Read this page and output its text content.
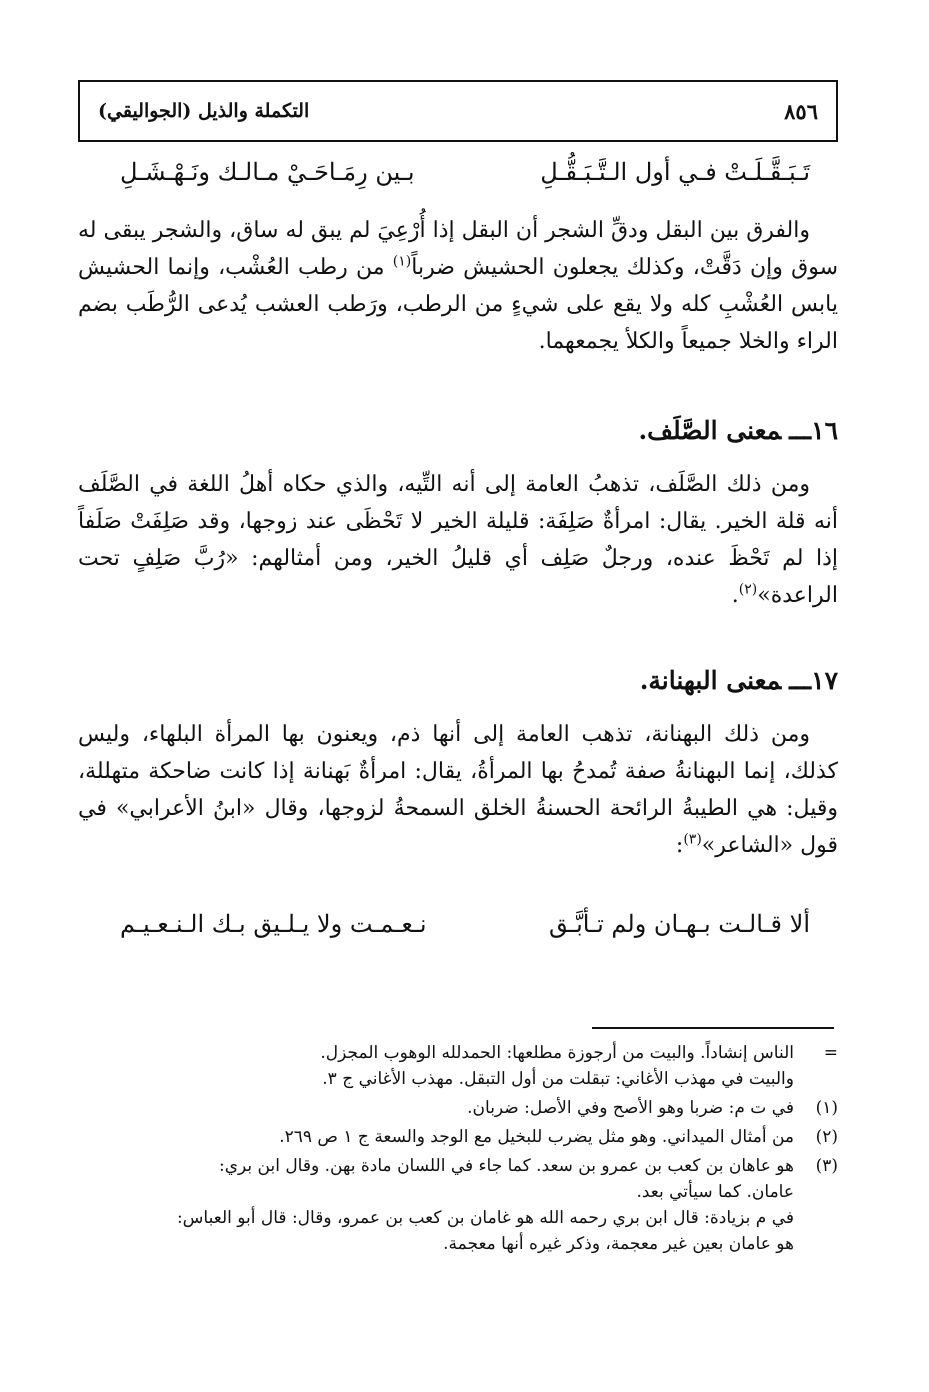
٨٥٦
التكملة والذيل (الجواليقي)
تَـبَـقَّـلَـتْ فـي أول الـتَّـبَـقُّـلِ
بـين رِمَـاحَـيْ مـالـك ونَـهْـشَـلِ

والفرق بين البقل ودقِّ الشجر أن البقل إذا أُرْعِيَ لم يبق له ساق، والشجر يبقى له سوق وإن دَقَّتْ، وكذلك يجعلون الحشيش ضرباً$^{(١)}$ من رطب العُشْب، وإنما الحشيش يابس العُشْبِ كله ولا يقع على شيءٍ من الرطب، ورَطب العشب يُدعى الرُّطَب بضم الراء والخلا جميعاً والكلأ يجمعهما.

١٦ـــمعنى الصَّلَف.

ومن ذلك الصَّلَف، تذهبُ العامة إلى أنه التِّيه، والذي حكاه أهلُ اللغة في الصَّلَف أنه قلة الخير. يقال: امرأةٌ صَلِفَة: قليلة الخير لا تَحْظَى عند زوجها، وقد صَلِفَتْ صَلَفاً إذا لم تَحْظَ عنده، ورجلٌ صَلِف أي قليلُ الخير، ومن أمثالهم: «رُبَّ صَلِفٍ تحت الراعدة»$^{(٢)}$.

١٧ـــمعنى البهنانة.

ومن ذلك البهنانة، تذهب العامة إلى أنها ذم، ويعنون بها المرأة البلهاء، وليس كذلك، إنما البهنانةُ صفة تُمدحُ بها المرأةُ، يقال: امرأةٌ بَهنانة إذا كانت ضاحكة متهللة، وقيل: هي الطيبةُ الرائحة الحسنةُ الخلق السمحةُ لزوجها، وقال «ابنُ الأعرابي» في قول «الشاعر»$^{(٣)}$:

ألا قـالـت بـهـان ولم تـأبَّـق
نـعـمـت ولا يـلـيق بـك الـنـعـيـم
=
الناس إنشاداً. والبيت من أرجوزة مطلعها: الحمدلله الوهوب المجزل.
والبيت في مهذب الأغاني: تبقلت من أول التبقل. مهذب الأغاني ج ٣.
(١)
في ت م: ضربا وهو الأصح وفي الأصل: ضربان.
(٢)
من أمثال الميداني. وهو مثل يضرب للبخيل مع الوجد والسعة ج ١ ص ٢٦٩.
(٣)
هو عاهان بن كعب بن عمرو بن سعد. كما جاء في اللسان مادة بهن. وقال ابن بري:
عامان. كما سيأتي بعد.
في م بزيادة: قال ابن بري رحمه الله هو غامان بن كعب بن عمرو، وقال: قال أبو العباس:
هو عامان بعين غير معجمة، وذكر غيره أنها معجمة.
